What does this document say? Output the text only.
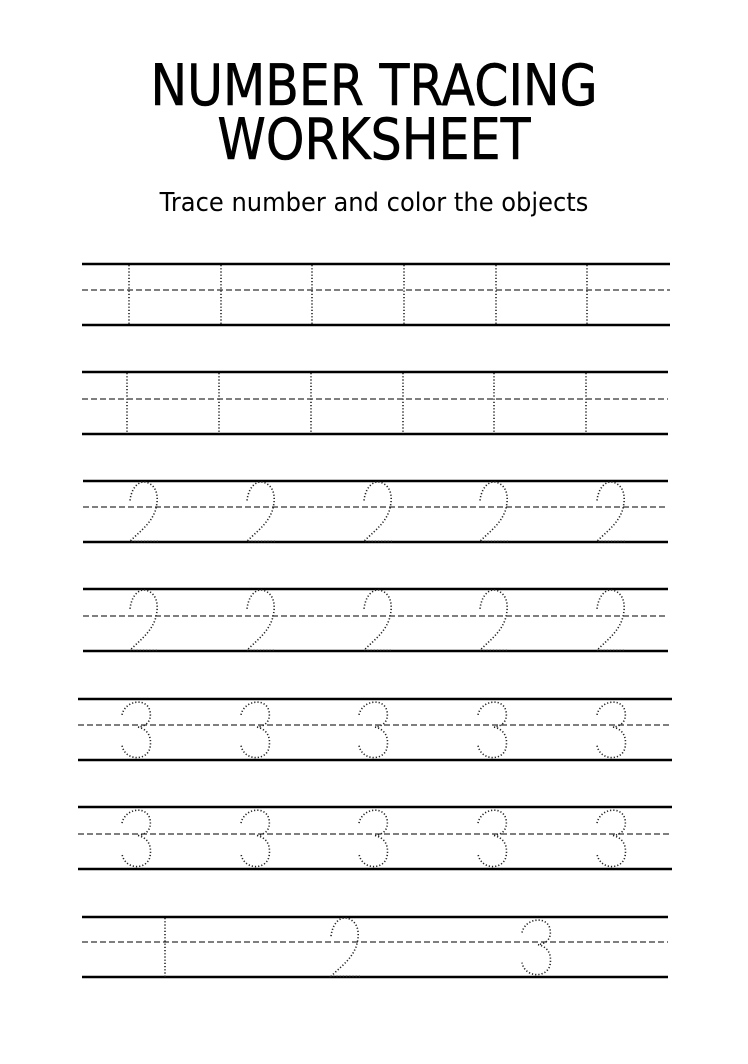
NUMBER TRACING
WORKSHEET
Trace number and color the objects
